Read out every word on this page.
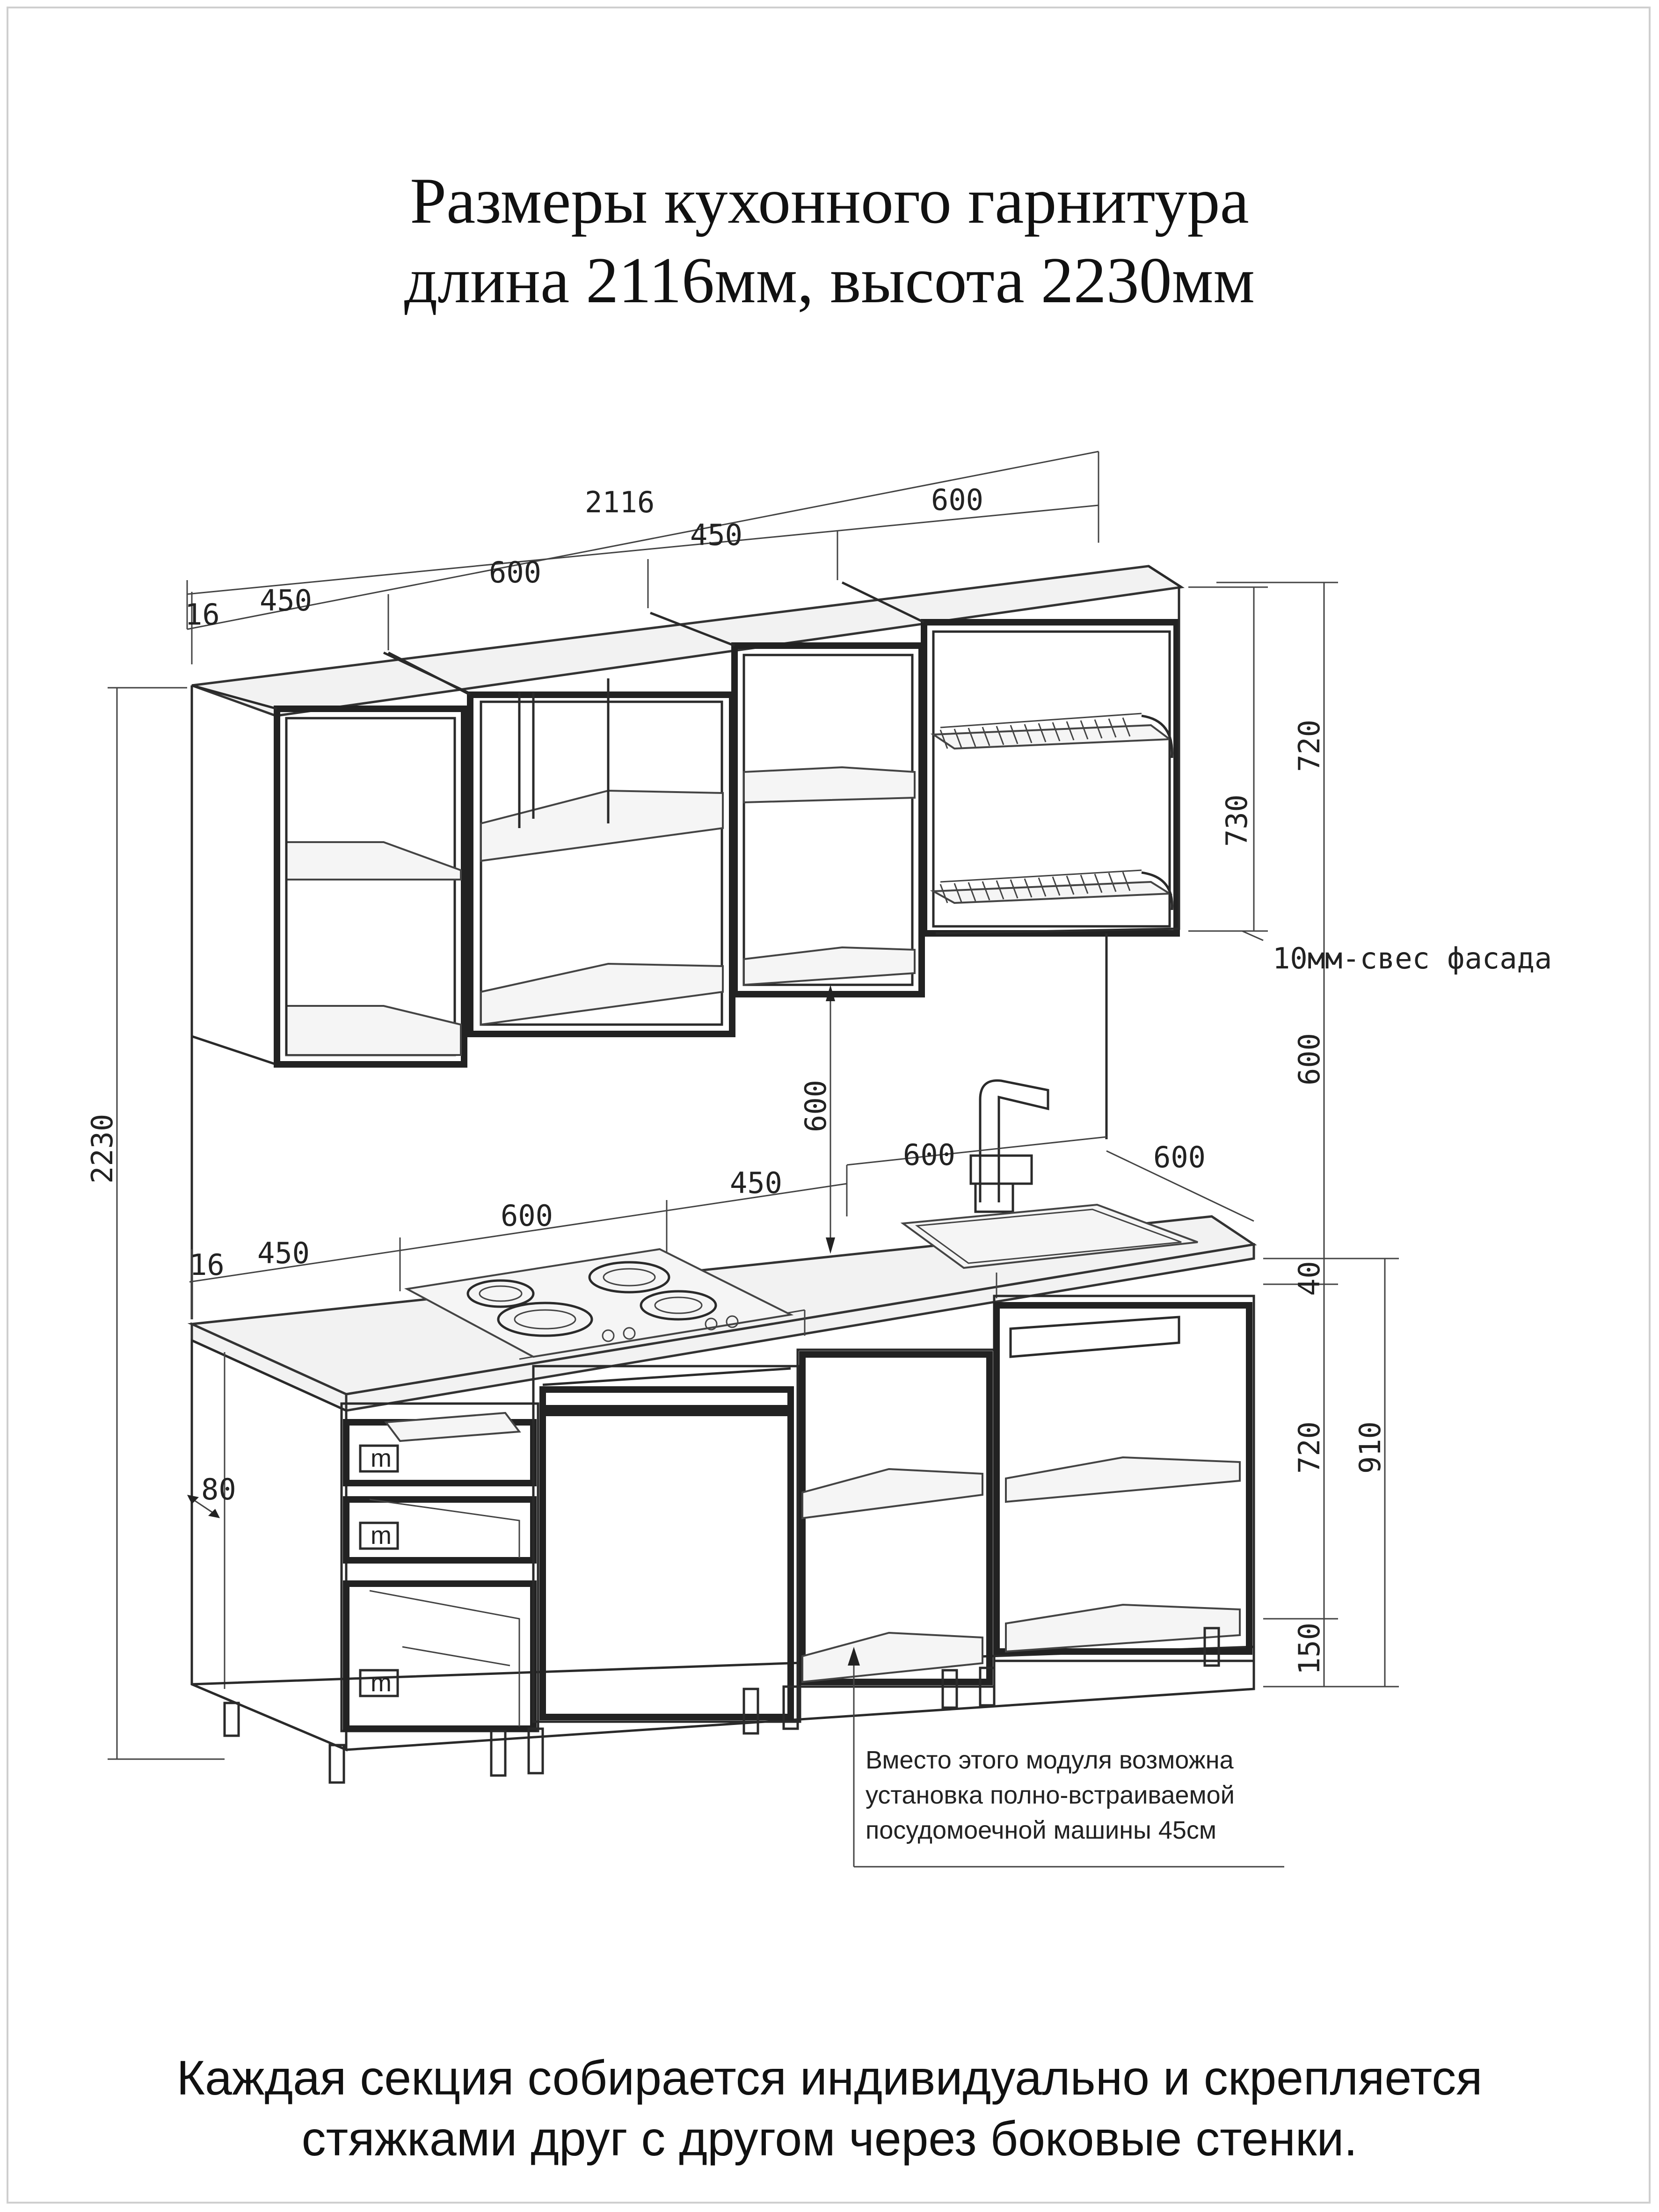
Размеры кухонного гарнитура
длина 2116мм, высота 2230мм
2116
16 450
600
450
600
730
720
10мм-свес фасада
600
600
16 450
600
450
600	600
m
m
m
40
720 910
150
80
2230
Вместо этого модуля возможна
установка полно-встраиваемой
посудомоечной машины 45см
Каждая секция собирается индивидуально и скрепляется
стяжками друг с другом через боковые стенки.
